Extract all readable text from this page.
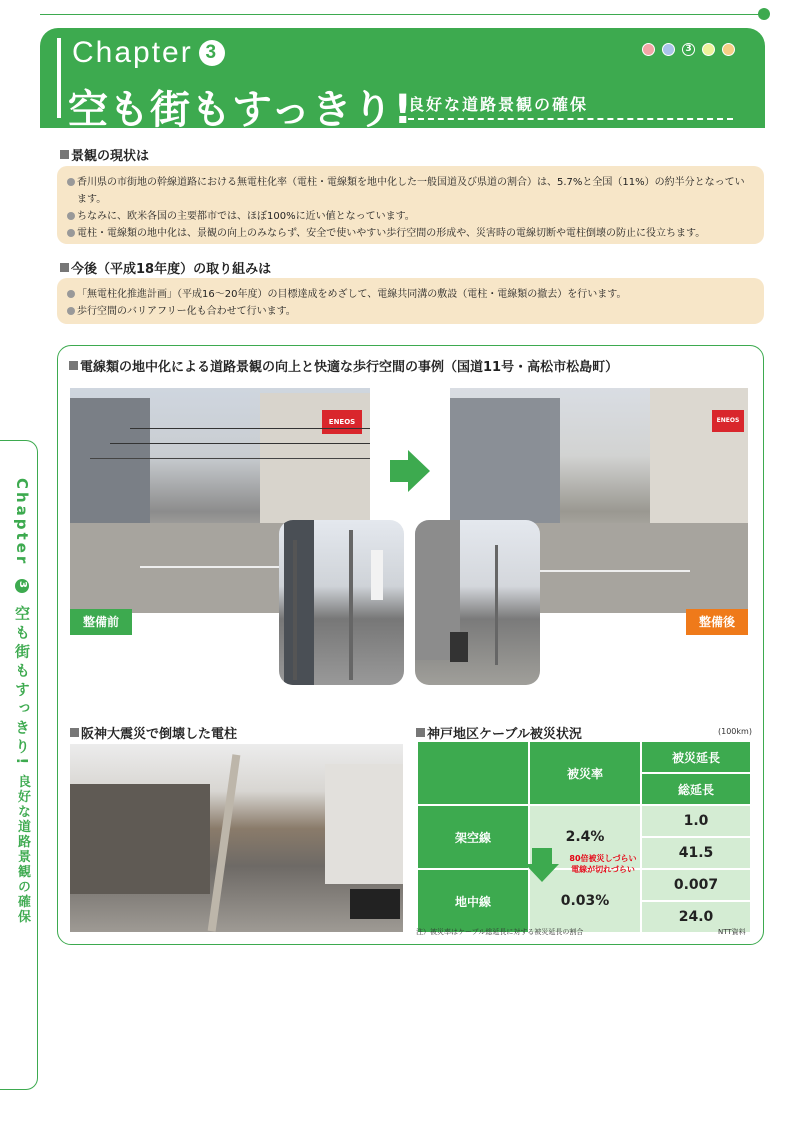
Chapter 3 空も街もすっきり! 良好な道路景観の確保
Chapter 3
空も街もすっきり!
良好な道路景観の確保
3
景観の現状は
香川県の市街地の幹線道路における無電柱化率（電柱・電線類を地中化した一般国道及び県道の割合）は、5.7%と全国（11%）の約半分となっています。
ちなみに、欧米各国の主要都市では、ほぼ100%に近い値となっています。
電柱・電線類の地中化は、景観の向上のみならず、安全で使いやすい歩行空間の形成や、災害時の電線切断や電柱倒壊の防止に役立ちます。
今後（平成18年度）の取り組みは
「無電柱化推進計画」（平成16～20年度）の目標達成をめざして、電線共同溝の敷設（電柱・電線類の撤去）を行います。
歩行空間のバリアフリー化も合わせて行います。
電線類の地中化による道路景観の向上と快適な歩行空間の事例（国道11号・高松市松島町）
ENEOS	ENEOS
整備前	整備後
阪神大震災で倒壊した電柱	神戸地区ケーブル被災状況	(100km)
	被災率	被災延長
		総延長
架空線	2.4%	1.0
		41.5
地中線	0.03%	0.007
		24.0
80倍被災しづらい
電線が切れづらい
注）被災率はケーブル総延長に対する被災延長の割合	NTT資料
